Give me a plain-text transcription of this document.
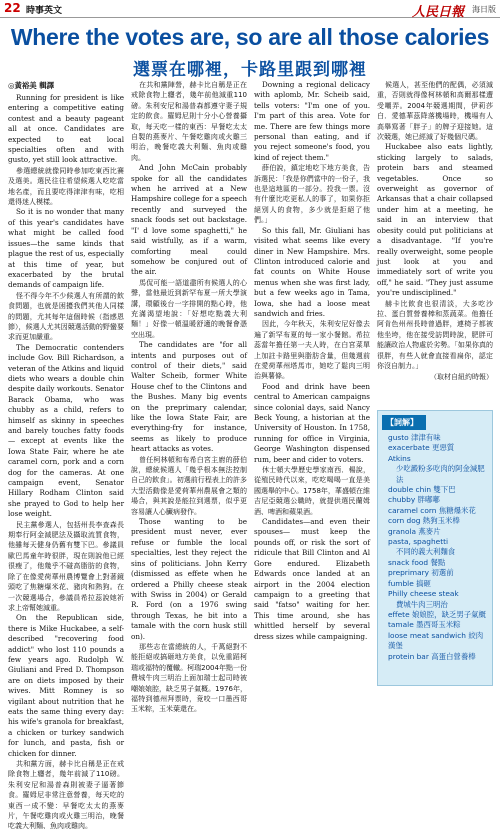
22 時事英文	人民日報 海日版
Where the votes are, so are all those calories
選票在哪裡，卡路里跟到哪裡
◎黃裕美 輯譯

Running for president is like entering a competitive eating contest and a beauty pageant all at once. Candidates are expected to eat local specialties often and with gusto, yet still look attractive.

參選總統就像同時參加吃東西比賽及選美。選民往往希望候選人吃吃當地名產，而且要吃得津津有味，吃相還得迷人模樣。

So it is no wonder that many of this year's candidates have what might be called food issues—the same kinds that plague the rest of us, especially at this time of year, but exacerbated by the brutal demands of campaign life.

怪不得今年不少候選人有所謂的飲食問題，也就是困擾我們其他人同樣的問題，尤其每年這個時候（指感恩節），候選人尤其因競選活動的野蠻要求而更加嚴重。

The Democratic contenders include Gov. Bill Richardson, a veteran of the Atkins and liquid diets who wears a double chin despite daily workouts. Senator Barack Obama, who was chubby as a child, refers to himself as skinny in speeches and barely touches fatty foods — except at events like the Iowa State Fair, where he ate caramel corn, pork and a corn dog for the cameras. At one campaign event, Senator Hillary Rodham Clinton said she prayed to God to help her lose weight.

民主黨參選人，包括州長李查森長期奉行阿金減肥法及攝取流質食物，他雖每天健身仍舊有雙下巴。參議員歐巴馬童年時很胖，現在則說他已經很瘦了，他幾乎不碰高脂肪的食物，除了在像愛荷華州農博覽會上對著鏡頭吃了焦糖爆米花、豬肉和熱狗。在一次競選場合，參議員希拉蕊說她祈求上帝幫她減重。

On the Republican side, there is Mike Huckabee, a self-described "recovering food addict" who lost 110 pounds a few years ago. Rudolph W. Giuliani and Fred D. Thompson are on diets imposed by their wives. Mitt Romney is so vigilant about nutrition that he eats the same thing every day: his wife's granola for breakfast, a chicken or turkey sandwich for lunch, and pasta, fish or chicken for dinner.

共和黨方面，赫卡比自稱是正在戒除食物上癮者，幾年前減了110磅。朱利安尼和湯普森則被妻子逼著節食。羅姆尼非常注意營養，每天吃的東西一成不變：早餐吃太太的燕麥片，午餐吃雞肉或火雞三明治，晚餐吃義大利麵、魚肉或雞肉。

在共和黨陣營，赫卡比自稱是正在戒除食物上癮者，幾年前他減重110磅。朱利安尼和湯普森都遵守妻子規定的飲食。羅姆尼則十分小心營養攝取，每天吃一樣的東西：早餐吃太太自製的燕麥片、午餐吃雞肉或火雞三明治，晚餐吃義大利麵、魚肉或雞肉。

And John McCain probably spoke for all the candidates when he arrived at a New Hampshire college for a speech recently and surveyed the snack foods set out backstage. "I' d love some spaghetti," he said wistfully, as if a warm, comforting meal could somehow be conjured out of the air.

馬侃可能一語道盡所有候選人的心聲，當他最近到新罕布夏一所大學演講，環顧後台一字排開的點心時，他充滿渴望地說：「好想吃點義大利麵！」好像一頓溫暖舒適的晚餐會憑空出現。

The candidates are "for all intents and purposes out of control of their diets," said Walter Scheib, former White House chef to the Clintons and the Bushes. Many big events on the preprimary calendar, like the Iowa State Fair, are everything-fry for instance, seems as likely to produce heart attacks as votes.

曾任柯林頓和布希白宮主廚的薛伯說，總統候選人「幾乎根本無法控制自己的飲食」。初選前行程表上的許多大型活動像是愛荷華州農展會之類的場合，與其說是能拉到選票，似乎更容易讓人心臟病發作。

Those wanting to be president must never, ever refuse or fumble the local specialties, lest they reject the sins of politicians. John Kerry (dismissed as effete when he ordered a Philly cheese steak with Swiss in 2004) or Gerald R. Ford (on a 1976 swing through Texas, he bit into a tamale with the corn husk still on).

那些志在當總統的人，千萬絕對不能拒絕或搞砸地方美食，以免重蹈柯瑞或福特的覆轍。柯瑞2004年點一份費城牛肉三明治上面加瑞士起司時被嘲娘娘腔，缺乏男子氣概。1976年，福特到德州拜票時，竟咬一口墨西哥玉米粽，玉米葉還在。

Downing a regional delicacy with aplomb, Mr. Scheib said, tells voters: "I'm one of you. I'm part of this area. Vote for me. There are few things more personal than eating, and if you reject someone's food, you kind of reject them."

薛伯說，鎮定地吃下地方美食，告訴選民：「我是你們當中的一份子，我也是這地區的一部分。投我一票。沒有什麼比吃更私人的事了，如果你拒絕別人的食物，多少就是拒絕了他們。」

So this fall, Mr. Giuliani has visited what seems like every diner in New Hampshire. Mrs. Clinton introduced calorie and fat counts on White House menus when she was first lady, but a few weeks ago in Tama, Iowa, she had a loose meat sandwich and fries.

因此，今年秋天，朱利安尼好像去遍了新罕布夏的每一家小餐館。希拉蕊當年擔任第一夫人時，在白宮菜單上加註卡路里與脂肪含量，但幾週前在愛荷華州塔馬市，她吃了鬆肉三明治與薯條。

Food and drink have been central to American campaigns since colonial days, said Nancy Beck Young, a historian at the University of Houston. In 1758, running for office in Virginia, George Washington dispensed rum, beer and cider to voters.

休士頓大學歷史學家南西．楊說，從殖民時代以來，吃吃喝喝一直是美國選舉的中心。1758年，華盛頓在維吉尼亞競選公職時，就提供選民蘭姆酒、啤酒和蘋果酒。

Candidates—and even their spouses— must keep the pounds off, or risk the sort of ridicule that Bill Clinton and Al Gore endured. Elizabeth Edwards once landed at an airport in the 2004 election campaign to a greeting that said "fatso" waiting for her. This time around, she has whittled herself by several dress sizes while campaigning.

候選人，甚至他們的配偶，必須減重，否則就得像柯林頓和高爾那樣遭受嘲弄。2004年競選期間，伊莉莎白．愛德華茲降落機場時，機場有人高舉寫著「胖子」的牌子迎接她。這次競選，她已經減了好幾個尺碼。

Huckabee also eats lightly, sticking largely to salads, protein bars and steamed vegetables. Once so overweight as governor of Arkansas that a chair collapsed under him at a meeting, he said in an interview that obesity could put politicians at a disadvantage. "If you're really overweight, some people just look at you and immediately sort of write you off," he said. "They just assume you're undisciplined."

赫卡比飲食也很清淡，大多吃沙拉、蛋白質營養棒和蒸蔬菜。他擔任阿肯色州州長時曾過胖，連椅子都被他坐垮，他在接受訪問時說，肥胖可能讓政治人物處於劣勢。「如果你真的很胖，有些人就會直接看扁你，認定你沒自制力。」

（取材自紐約時報）
【詞解】
gusto 津津有味
exacerbate 更惡質
Atkins
少吃澱粉多吃肉的阿金減肥法
double chin 雙下巴
chubby 胖嘟嘟
caramel corn 焦糖爆米花
corn dog 熱狗玉米棒
granola 燕麥片
pasta, spaghetti
不同的義大利麵食
snack food 餐點
preprimary 初選前
fumble 搞砸
Philly cheese steak
費城牛肉三明治
effete 娘娘腔，缺乏男子氣概
tamale 墨西哥玉米粽
loose meat sandwich 絞肉漢堡
protein bar 高蛋白營養棒
